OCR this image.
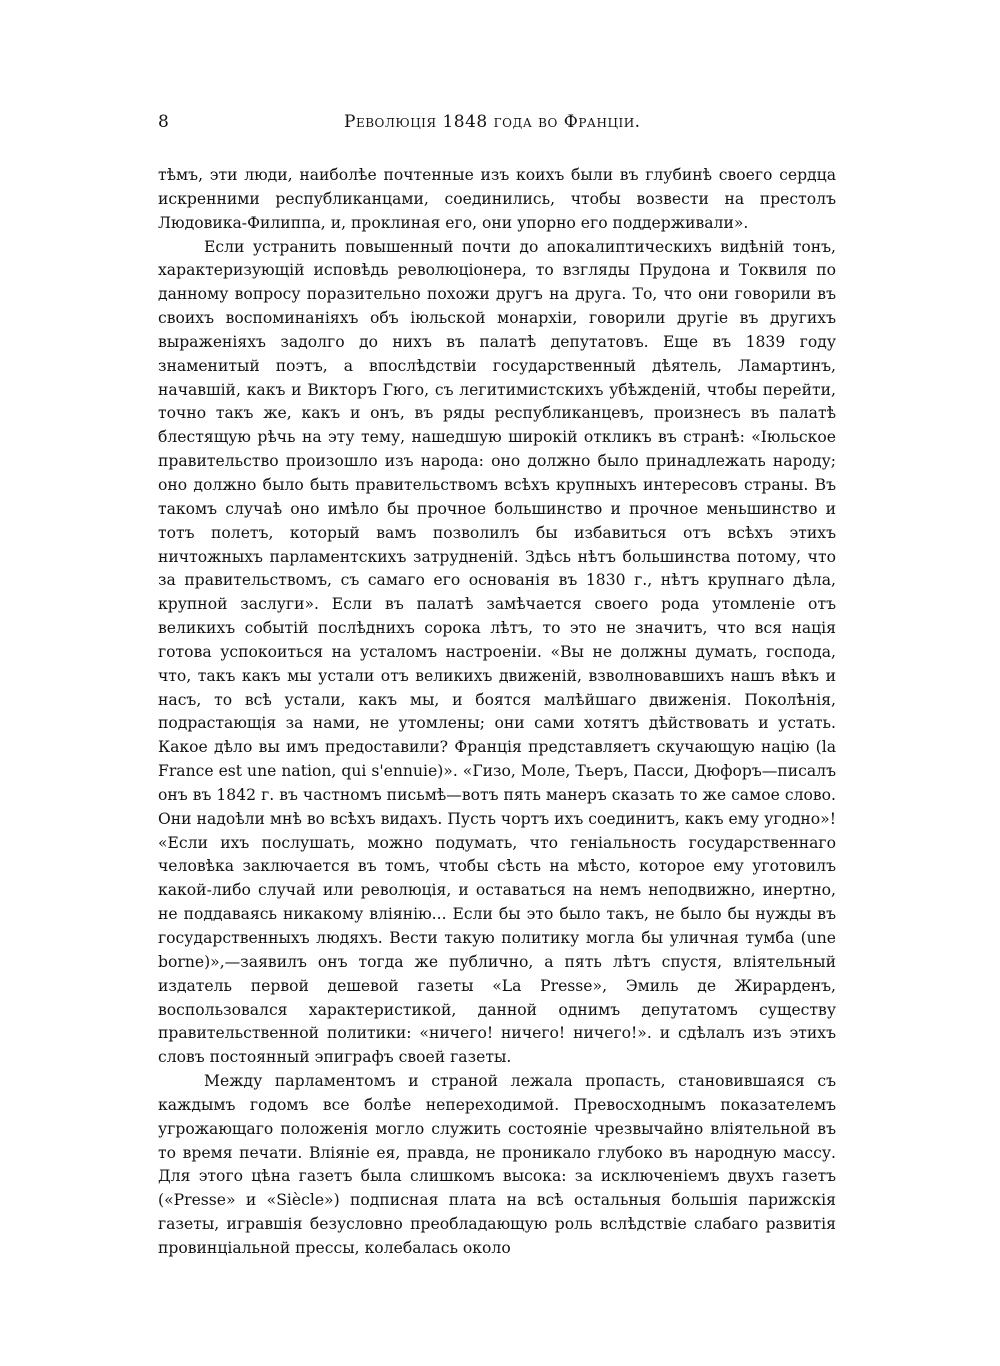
8	Революція 1848 года во Франціи.

тѣмъ, эти люди, наиболѣе почтенные изъ коихъ были въ глубинѣ своего сердца искренними республиканцами, соединились, чтобы возвести на престолъ Людовика-Филиппа, и, проклиная его, они упорно его поддерживали».

Если устранить повышенный почти до апокалиптическихъ видѣній тонъ, характеризующій исповѣдь революціонера, то взгляды Прудона и Токвиля по данному вопросу поразительно похожи другъ на друга. То, что они говорили въ своихъ воспоминаніяхъ объ іюльской монархіи, говорили другіе въ другихъ выраженіяхъ задолго до нихъ въ палатѣ депутатовъ. Еще въ 1839 году знаменитый поэтъ, а впослѣдствіи государственный дѣятель, Ламартинъ, начавшій, какъ и Викторъ Гюго, съ легитимистскихъ убѣжденій, чтобы перейти, точно такъ же, какъ и онъ, въ ряды республиканцевъ, произнесъ въ палатѣ блестящую рѣчь на эту тему, нашедшую широкій откликъ въ странѣ: «Іюльское правительство произошло изъ народа: оно должно было принадлежать народу; оно должно было быть правительствомъ всѣхъ крупныхъ интересовъ страны. Въ такомъ случаѣ оно имѣло бы прочное большинство и прочное меньшинство и тотъ полетъ, который вамъ позволилъ бы избавиться отъ всѣхъ этихъ ничтожныхъ парламентскихъ затрудненій. Здѣсь нѣтъ большинства потому, что за правительствомъ, съ самаго его основанія въ 1830 г., нѣтъ крупнаго дѣла, крупной заслуги». Если въ палатѣ замѣчается своего рода утомленіе отъ великихъ событій послѣднихъ сорока лѣтъ, то это не значитъ, что вся нація готова успокоиться на усталомъ настроеніи. «Вы не должны думать, господа, что, такъ какъ мы устали отъ великихъ движеній, взволновавшихъ нашъ вѣкъ и насъ, то всѣ устали, какъ мы, и боятся малѣйшаго движенія. Поколѣнія, подрастающія за нами, не утомлены; они сами хотятъ дѣйствовать и устать. Какое дѣло вы имъ предоставили? Франція представляетъ скучающую націю (la France est une nation, qui s'ennuie)». «Гизо, Моле, Тьеръ, Пасси, Дюфоръ—писалъ онъ въ 1842 г. въ частномъ письмѣ—вотъ пять манеръ сказать то же самое слово. Они надоѣли мнѣ во всѣхъ видахъ. Пусть чортъ ихъ соединитъ, какъ ему угодно»! «Если ихъ послушать, можно подумать, что геніальность государственнаго человѣка заключается въ томъ, чтобы сѣсть на мѣсто, которое ему уготовилъ какой-либо случай или революція, и оставаться на немъ неподвижно, инертно, не поддаваясь никакому вліянію... Если бы это было такъ, не было бы нужды въ государственныхъ людяхъ. Вести такую политику могла бы уличная тумба (une borne)»,—заявилъ онъ тогда же публично, а пять лѣтъ спустя, вліятельный издатель первой дешевой газеты «La Presse», Эмиль де Жирарденъ, воспользовался характеристикой, данной однимъ депутатомъ существу правительственной политики: «ничего! ничего! ничего!». и сдѣлалъ изъ этихъ словъ постоянный эпиграфъ своей газеты.

Между парламентомъ и страной лежала пропасть, становившаяся съ каждымъ годомъ все болѣе непереходимой. Превосходнымъ показателемъ угрожающаго положенія могло служить состояніе чрезвычайно вліятельной въ то время печати. Вліяніе ея, правда, не проникало глубоко въ народную массу. Для этого цѣна газетъ была слишкомъ высока: за исключеніемъ двухъ газетъ («Presse» и «Siècle») подписная плата на всѣ остальныя большія парижскія газеты, игравшія безусловно преобладающую роль вслѣдствіе слабаго развитія провинціальной прессы, колебалась около
